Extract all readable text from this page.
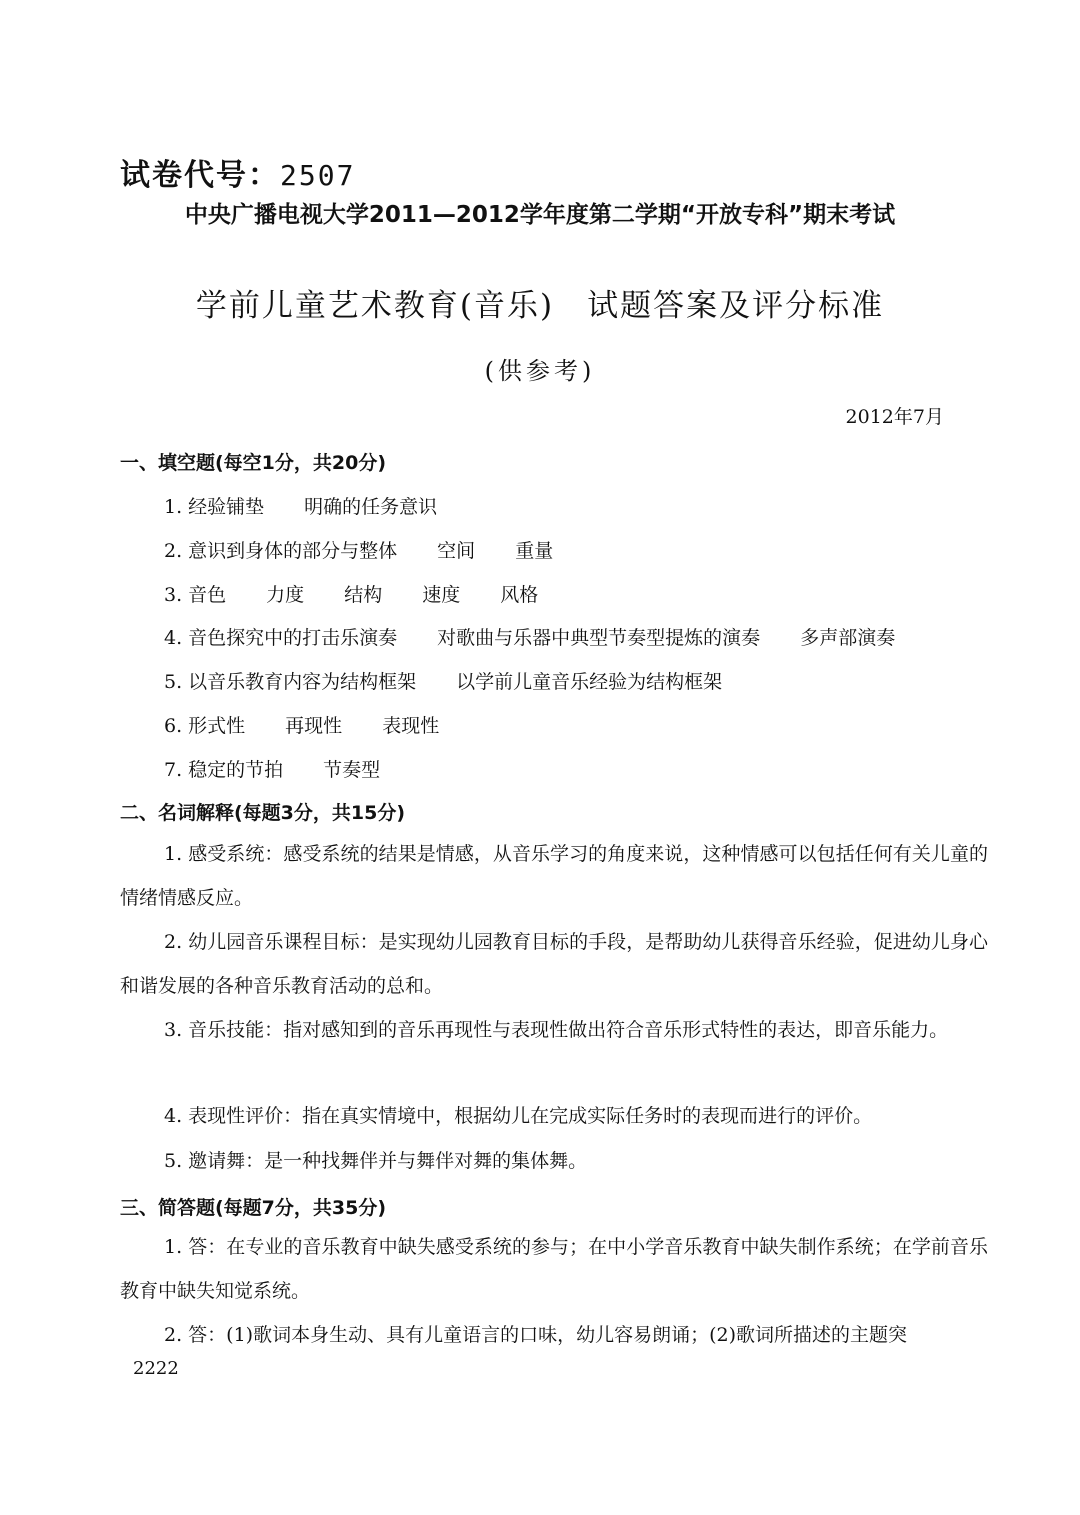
试卷代号：2507
中央广播电视大学2011—2012学年度第二学期“开放专科”期末考试
学前儿童艺术教育(音乐)　试题答案及评分标准
(供参考)
2012年7月
一、填空题(每空1分，共20分)
1. 经验铺垫 明确的任务意识
2. 意识到身体的部分与整体 空间 重量
3. 音色 力度 结构 速度 风格
4. 音色探究中的打击乐演奏 对歌曲与乐器中典型节奏型提炼的演奏 多声部演奏
5. 以音乐教育内容为结构框架 以学前儿童音乐经验为结构框架
6. 形式性 再现性 表现性
7. 稳定的节拍 节奏型
二、名词解释(每题3分，共15分)
1. 感受系统：感受系统的结果是情感，从音乐学习的角度来说，这种情感可以包括任何有关儿童的情绪情感反应。
2. 幼儿园音乐课程目标：是实现幼儿园教育目标的手段，是帮助幼儿获得音乐经验，促进幼儿身心和谐发展的各种音乐教育活动的总和。
3. 音乐技能：指对感知到的音乐再现性与表现性做出符合音乐形式特性的表达，即音乐能力。
4. 表现性评价：指在真实情境中，根据幼儿在完成实际任务时的表现而进行的评价。
5. 邀请舞：是一种找舞伴并与舞伴对舞的集体舞。
三、简答题(每题7分，共35分)
1. 答：在专业的音乐教育中缺失感受系统的参与；在中小学音乐教育中缺失制作系统；在学前音乐教育中缺失知觉系统。
2. 答：(1)歌词本身生动、具有儿童语言的口味，幼儿容易朗诵；(2)歌词所描述的主题突
2222
